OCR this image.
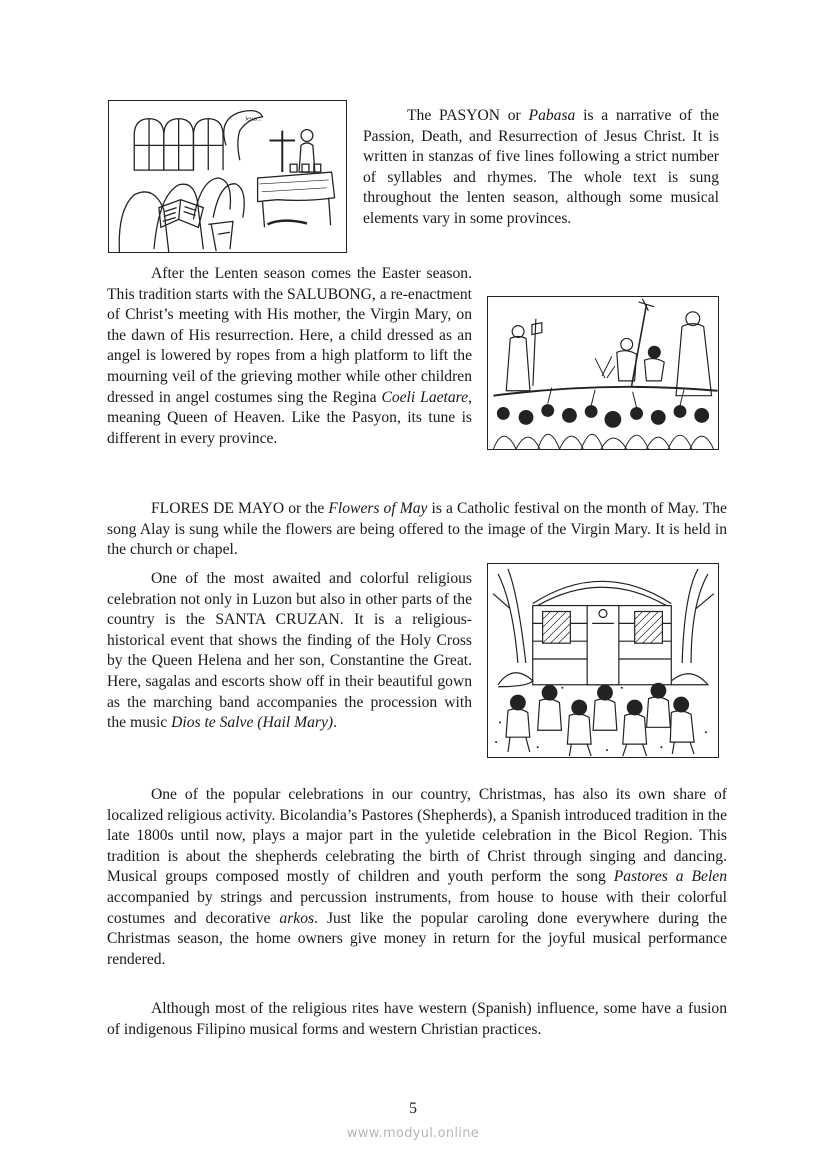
Jesus...	The PASYON or Pabasa is a narrative of the Passion, Death, and Resurrection of Jesus Christ. It is written in stanzas of five lines following a strict number of syllables and rhymes. The whole text is sung throughout the lenten season, although some musical elements vary in some provinces.

After the Lenten season comes the Easter season. This tradition starts with the SALUBONG, a re-enactment of Christ’s meeting with His mother, the Virgin Mary, on the dawn of His resurrection. Here, a child dressed as an angel is lowered by ropes from a high platform to lift the mourning veil of the grieving mother while other children dressed in angel costumes sing the Regina Coeli Laetare, meaning Queen of Heaven. Like the Pasyon, its tune is different in every province.

FLORES DE MAYO or the Flowers of May is a Catholic festival on the month of May. The song Alay is sung while the flowers are being offered to the image of the Virgin Mary. It is held in the church or chapel.

One of the most awaited and colorful religious celebration not only in Luzon but also in other parts of the country is the SANTA CRUZAN. It is a religious-historical event that shows the finding of the Holy Cross by the Queen Helena and her son, Constantine the Great. Here, sagalas and escorts show off in their beautiful gown as the marching band accompanies the procession with the music Dios te Salve (Hail Mary).

One of the popular celebrations in our country, Christmas, has also its own share of localized religious activity. Bicolandia’s Pastores (Shepherds), a Spanish introduced tradition in the late 1800s until now, plays a major part in the yuletide celebration in the Bicol Region. This tradition is about the shepherds celebrating the birth of Christ through singing and dancing. Musical groups composed mostly of children and youth perform the song Pastores a Belen accompanied by strings and percussion instruments, from house to house with their colorful costumes and decorative arkos. Just like the popular caroling done everywhere during the Christmas season, the home owners give money in return for the joyful musical performance rendered.

Although most of the religious rites have western (Spanish) influence, some have a fusion of indigenous Filipino musical forms and western Christian practices.

5
www.modyul.online
